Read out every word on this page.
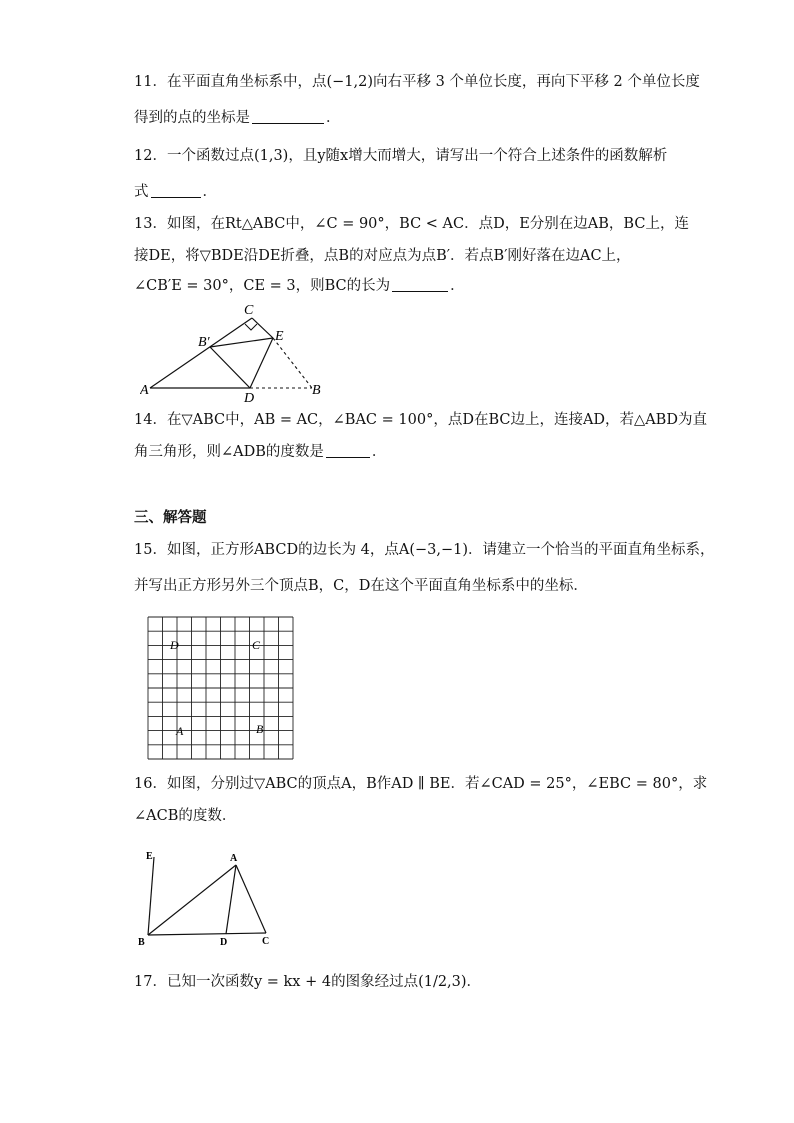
11．在平面直角坐标系中，点(−1,2)向右平移 3 个单位长度，再向下平移 2 个单位长度
得到的点的坐标是	．
12．一个函数过点(1,3)，且y随x增大而增大，请写出一个符合上述条件的函数解析
式	．
13．如图，在Rt△ABC中，∠C = 90°，BC < AC．点D，E分别在边AB，BC上，连
接DE，将▽BDE沿DE折叠，点B的对应点为点B′．若点B′刚好落在边AC上，
∠CB′E = 30°，CE = 3，则BC的长为	．
A
C
E
B′
D
B
14．在▽ABC中，AB = AC，∠BAC = 100°，点D在BC边上，连接AD，若△ABD为直
角三角形，则∠ADB的度数是	．
三、解答题
15．如图，正方形ABCD的边长为 4，点A(−3,−1)．请建立一个恰当的平面直角坐标系，
并写出正方形另外三个顶点B，C，D在这个平面直角坐标系中的坐标．
D	C
A	B
16．如图，分别过▽ABC的顶点A，B作AD ∥ BE．若∠CAD = 25°，∠EBC = 80°，求
∠ACB的度数．
E	A
B	D	C
17．已知一次函数y = kx + 4的图象经过点(1/2,3)．
